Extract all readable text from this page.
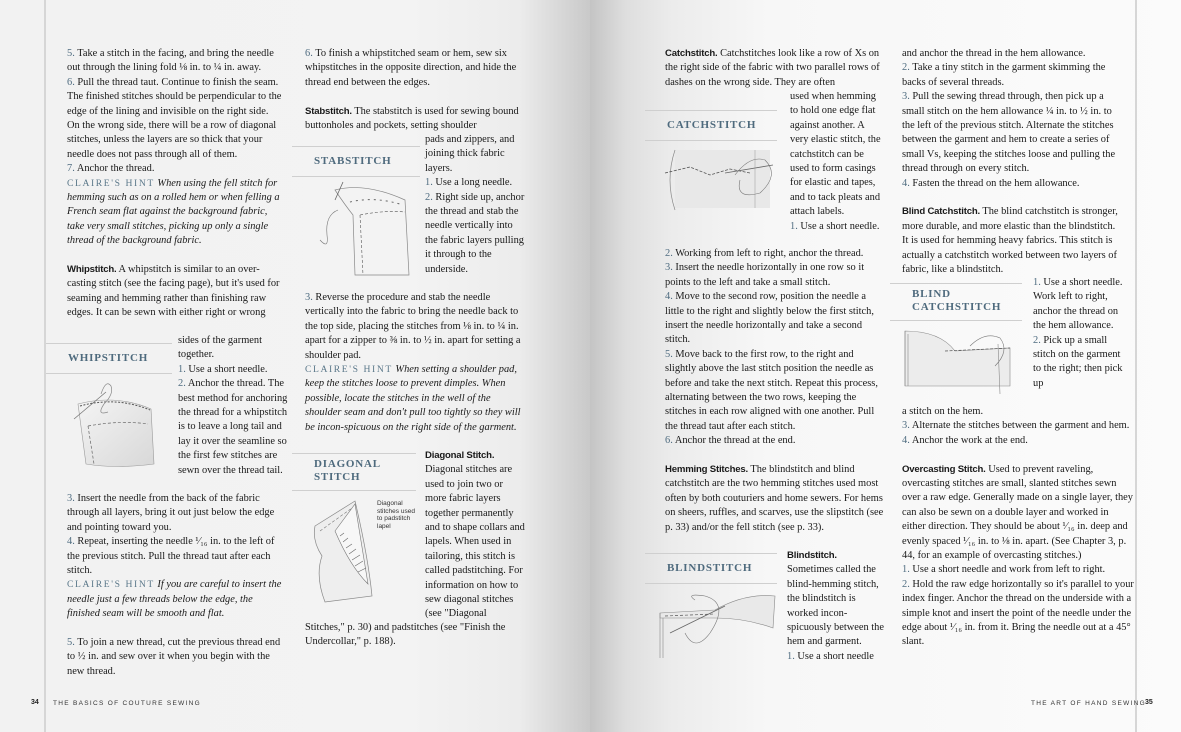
5. Take a stitch in the facing, and bring the needle out through the lining fold ⅛ in. to ¼ in. away.

6. Pull the thread taut. Continue to finish the seam. The finished stitches should be perpendicular to the edge of the lining and invisible on the right side. On the wrong side, there will be a row of diagonal stitches, unless the layers are so thick that your needle does not pass through all of them.

7. Anchor the thread.

CLAIRE'S HINT When using the fell stitch for hemming such as on a rolled hem or when felling a French seam flat against the background fabric, take very small stitches, picking up only a single thread of the background fabric.

Whipstitch. A whipstitch is similar to an over-casting stitch (see the facing page), but it's used for seaming and hemming rather than finishing raw edges. It can be sewn with either right or wrong

WHIPSTITCH

sides of the garment

together.

1. Use a short needle.

2. Anchor the thread. The best method for anchoring the thread for a whipstitch is to leave a long tail and lay it over the seamline so the first few stitches are sewn over the thread tail.

3. Insert the needle from the back of the fabric through all layers, bring it out just below the edge and pointing toward you.

4. Repeat, inserting the needle ¹⁄₁₆ in. to the left of the previous stitch. Pull the thread taut after each stitch.

CLAIRE'S HINT If you are careful to insert the needle just a few threads below the edge, the finished seam will be smooth and flat.

5. To join a new thread, cut the previous thread end to ½ in. and sew over it when you begin with the new thread.

6. To finish a whipstitched seam or hem, sew six whipstitches in the opposite direction, and hide the thread end between the edges.

Stabstitch. The stabstitch is used for sewing bound buttonholes and pockets, setting shoulder

STABSTITCH

pads and zippers, and joining thick fabric layers.

1. Use a long needle.

2. Right side up, anchor the thread and stab the needle vertically into the fabric layers pulling it through to the underside.

3. Reverse the procedure and stab the needle vertically into the fabric to bring the needle back to the top side, placing the stitches from ⅛ in. to ¼ in. apart for a zipper to ⅜ in. to ½ in. apart for setting a shoulder pad.

CLAIRE'S HINT When setting a shoulder pad, keep the stitches loose to prevent dimples. When possible, locate the stitches in the well of the shoulder seam and don't pull too tightly so they will be incon-spicuous on the right side of the garment.

DIAGONAL
STITCH
Diagonal stitches used to padstitch lapel

Diagonal Stitch.

Diagonal stitches are used to join two or more fabric layers together permanently and to shape collars and lapels. When used in tailoring, this stitch is called padstitching. For information on how to sew diagonal stitches (see "Diagonal

Stitches," p. 30) and padstitches (see "Finish the Undercollar," p. 188).

34 THE BASICS OF COUTURE SEWING

Catchstitch. Catchstitches look like a row of Xs on the right side of the fabric with two parallel rows of dashes on the wrong side. They are often

CATCHSTITCH

used when hemming to hold one edge flat against another. A very elastic stitch, the catchstitch can be used to form casings for elastic and tapes, and to tack pleats and attach labels.

1. Use a short needle.

2. Working from left to right, anchor the thread.

3. Insert the needle horizontally in one row so it points to the left and take a small stitch.

4. Move to the second row, position the needle a little to the right and slightly below the first stitch, insert the needle horizontally and take a second stitch.

5. Move back to the first row, to the right and slightly above the last stitch position the needle as before and take the next stitch. Repeat this process, alternating between the two rows, keeping the stitches in each row aligned with one another. Pull the thread taut after each stitch.

6. Anchor the thread at the end.

Hemming Stitches. The blindstitch and blind catchstitch are the two hemming stitches used most often by both couturiers and home sewers. For hems on sheers, ruffles, and scarves, use the slipstitch (see p. 33) and/or the fell stitch (see p. 33).

BLINDSTITCH

Blindstitch.

Sometimes called the blind-hemming stitch, the blindstitch is worked incon-spicuously between the hem and garment.

1. Use a short needle

and anchor the thread in the hem allowance.

2. Take a tiny stitch in the garment skimming the backs of several threads.

3. Pull the sewing thread through, then pick up a small stitch on the hem allowance ¼ in. to ½ in. to the left of the previous stitch. Alternate the stitches between the garment and hem to create a series of small Vs, keeping the stitches loose and pulling the thread through on every stitch.

4. Fasten the thread on the hem allowance.

Blind Catchstitch. The blind catchstitch is stronger, more durable, and more elastic than the blindstitch. It is used for hemming heavy fabrics. This stitch is actually a catchstitch worked between two layers of fabric, like a blindstitch.

BLIND
CATCHSTITCH

1. Use a short needle. Work left to right, anchor the thread on the hem allowance.

2. Pick up a small stitch on the garment to the right; then pick up

a stitch on the hem.

3. Alternate the stitches between the garment and hem.

4. Anchor the work at the end.

Overcasting Stitch. Used to prevent raveling, overcasting stitches are small, slanted stitches sewn over a raw edge. Generally made on a single layer, they can also be sewn on a double layer and worked in either direction. They should be about ¹⁄₁₆ in. deep and evenly spaced ¹⁄₁₆ in. to ⅛ in. apart. (See Chapter 3, p. 44, for an example of overcasting stitches.)

1. Use a short needle and work from left to right.

2. Hold the raw edge horizontally so it's parallel to your index finger. Anchor the thread on the underside with a simple knot and insert the point of the needle under the edge about ¹⁄₁₆ in. from it. Bring the needle out at a 45° slant.

THE ART OF HAND SEWING
35
